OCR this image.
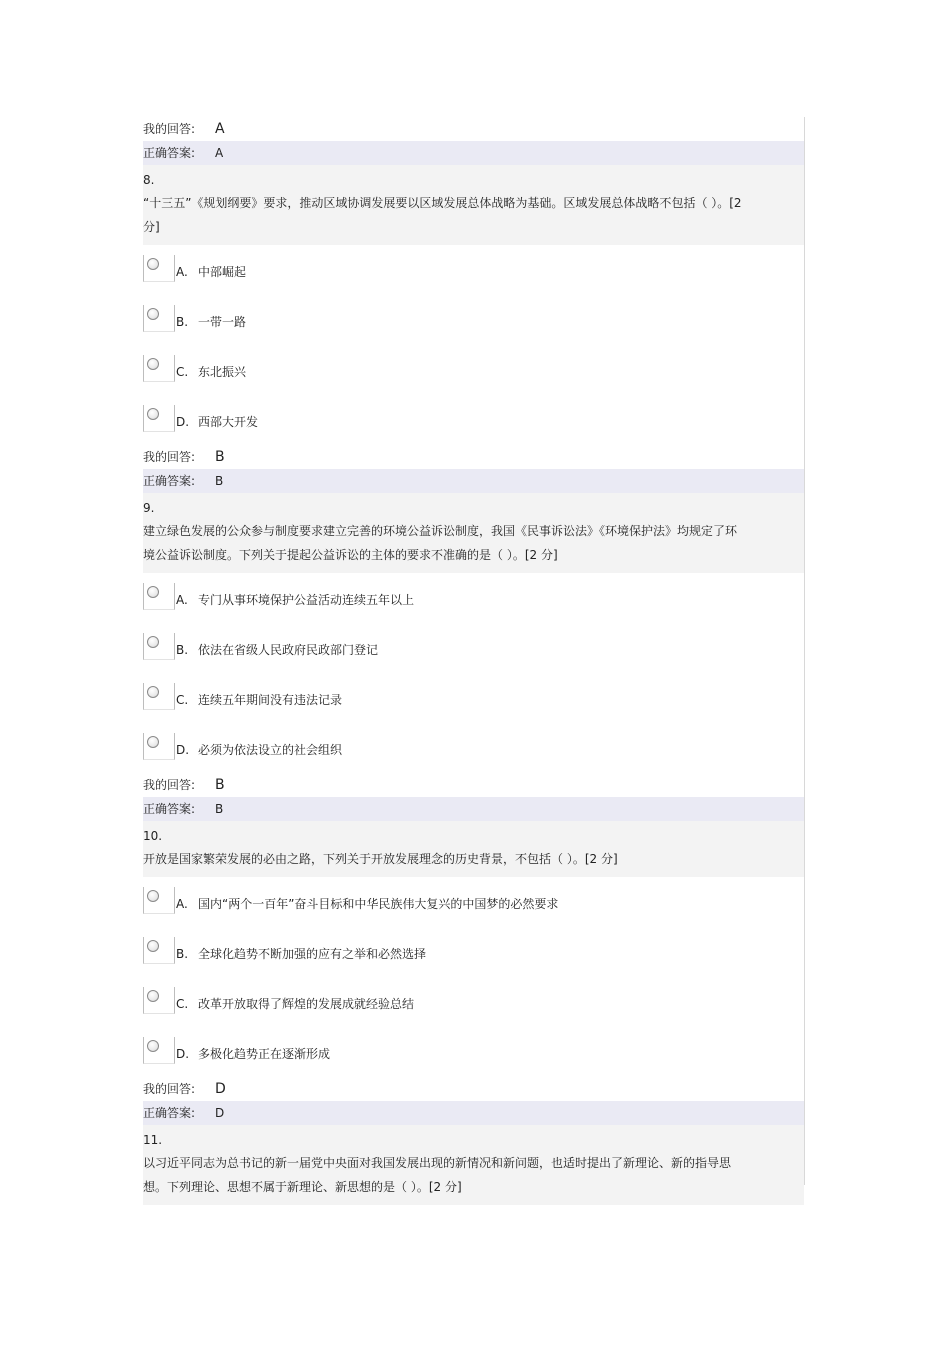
我的回答: A
正确答案: A
8.
“十三五”《规划纲要》要求，推动区域协调发展要以区域发展总体战略为基础。区域发展总体战略不包括（ ）。[2 分]
A. 中部崛起
B. 一带一路
C. 东北振兴
D. 西部大开发
我的回答: B
正确答案: B
9.
建立绿色发展的公众参与制度要求建立完善的环境公益诉讼制度，我国《民事诉讼法》《环境保护法》均规定了环境公益诉讼制度。下列关于提起公益诉讼的主体的要求不准确的是（ ）。[2 分]
A. 专门从事环境保护公益活动连续五年以上
B. 依法在省级人民政府民政部门登记
C. 连续五年期间没有违法记录
D. 必须为依法设立的社会组织
我的回答: B
正确答案: B
10.
开放是国家繁荣发展的必由之路，下列关于开放发展理念的历史背景，不包括（ ）。[2 分]
A. 国内“两个一百年”奋斗目标和中华民族伟大复兴的中国梦的必然要求
B. 全球化趋势不断加强的应有之举和必然选择
C. 改革开放取得了辉煌的发展成就经验总结
D. 多极化趋势正在逐渐形成
我的回答: D
正确答案: D
11.
以习近平同志为总书记的新一届党中央面对我国发展出现的新情况和新问题，也适时提出了新理论、新的指导思想。下列理论、思想不属于新理论、新思想的是（ ）。[2 分]
